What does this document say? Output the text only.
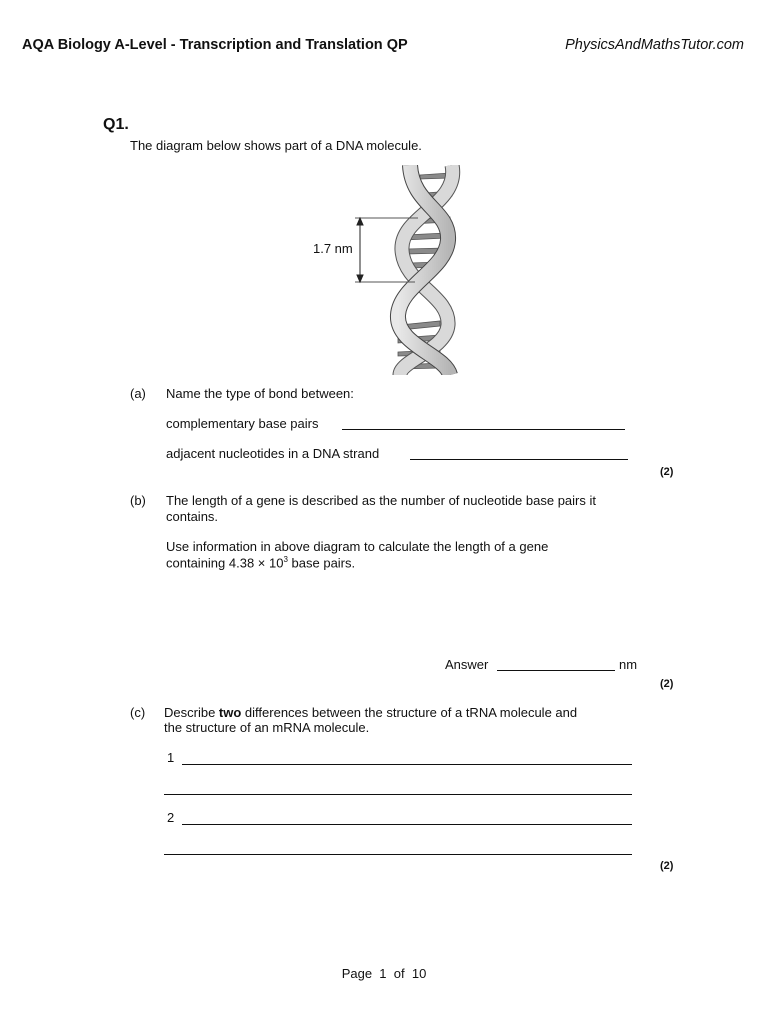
AQA Biology A-Level - Transcription and Translation QP	PhysicsAndMathsTutor.com
Q1.
The diagram below shows part of a DNA molecule.
1.7 nm
(a) Name the type of bond between:
complementary base pairs
adjacent nucleotides in a DNA strand
(2)
(b) The length of a gene is described as the number of nucleotide base pairs it
contains.
Use information in above diagram to calculate the length of a gene
containing $4.38 \times 10^3$ base pairs.
Answer	nm
(2)
(c) Describe two differences between the structure of a tRNA molecule and
the structure of an mRNA molecule.
1
2
(2)
Page 1 of 10
